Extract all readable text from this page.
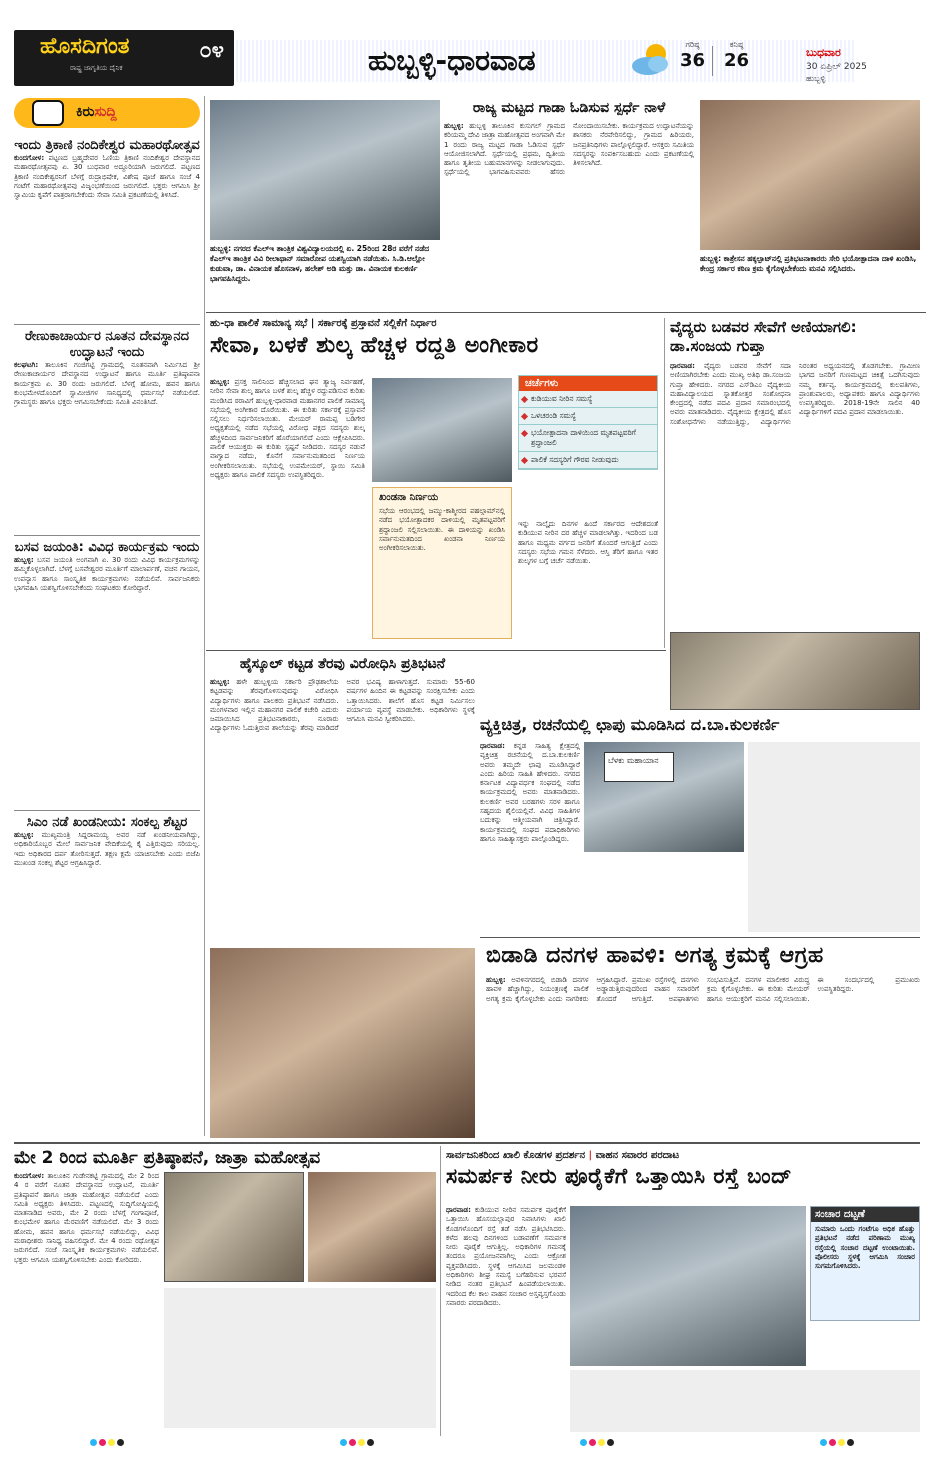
ಹೊಸದಿಗಂತ	೦೪
ರಾಷ್ಟ್ರ ಜಾಗೃತಿಯ ದೈನಿಕ	ಹುಬ್ಬಳ್ಳಿ-ಧಾರವಾಡ	ಗರಿಷ್ಠ
36
ಕನಿಷ್ಠ
26	ಬುಧವಾರ
30 ಏಪ್ರಿಲ್ 2025
ಹುಬ್ಬಳ್ಳಿ
ಕಿರುಸುದ್ದಿ
ಇಂದು ತ್ರಿಕಾಣಿ ನಂದಿಕೇಶ್ವರ ಮಹಾರಥೋತ್ಸವ

ಕುಂದಗೋಳ: ಪಟ್ಟಣದ ಬ್ರಹ್ಮದೇವರ ಓಣಿಯ ತ್ರಿಕಾಣಿ ನಂದಿಕೇಶ್ವರ ದೇವಸ್ಥಾನದ ಮಹಾರಥೋತ್ಸವವು ಏ. 30 ಬುಧವಾರ ಅದ್ದೂರಿಯಾಗಿ ಜರುಗಲಿದೆ. ಪಟ್ಟಣದ ತ್ರಿಕಾಣಿ ನಂದಿಕೇಶ್ವರನಿಗೆ ಬೆಳಗ್ಗೆ ರುದ್ರಾಭಿಷೇಕ, ವಿಶೇಷ ಪೂಜೆ ಹಾಗೂ ಸಂಜೆ 4 ಗಂಟೆಗೆ ಮಹಾರಥೋತ್ಸವವು ವಿಜೃಂಭಣೆಯಿಂದ ಜರುಗಲಿದೆ. ಭಕ್ತರು ಆಗಮಿಸಿ ಶ್ರೀ ಸ್ವಾಮಿಯ ಕೃಪೆಗೆ ಪಾತ್ರರಾಗಬೇಕೆಂದು ಸೇವಾ ಸಮಿತಿ ಪ್ರಕಟಣೆಯಲ್ಲಿ ತಿಳಿಸಿದೆ.

ರೇಣುಕಾಚಾರ್ಯರ ನೂತನ ದೇವಸ್ಥಾನದ ಉದ್ಘಾಟನೆ ಇಂದು

ಕಲಘಟಗಿ: ತಾಲೂಕಿನ ಗಂಜಿಗಟ್ಟಿ ಗ್ರಾಮದಲ್ಲಿ ನೂತನವಾಗಿ ನಿರ್ಮಿಸಿದ ಶ್ರೀ ರೇಣುಕಾಚಾರ್ಯರ ದೇವಸ್ಥಾನದ ಉದ್ಘಾಟನೆ ಹಾಗೂ ಮೂರ್ತಿ ಪ್ರತಿಷ್ಠಾಪನಾ ಕಾರ್ಯಕ್ರಮ ಏ. 30 ರಂದು ಜರುಗಲಿದೆ. ಬೆಳಗ್ಗೆ ಹೋಮ, ಹವನ ಹಾಗೂ ಕುಂಭಮೇಳದೊಂದಿಗೆ ಸ್ವಾಮೀಜಿಗಳ ಸಾನಿಧ್ಯದಲ್ಲಿ ಧರ್ಮಸಭೆ ನಡೆಯಲಿದೆ. ಗ್ರಾಮಸ್ಥರು ಹಾಗೂ ಭಕ್ತರು ಆಗಮಿಸಬೇಕೆಂದು ಸಮಿತಿ ವಿನಂತಿಸಿದೆ.

ಬಸವ ಜಯಂತಿ: ವಿವಿಧ ಕಾರ್ಯಕ್ರಮ ಇಂದು

ಹುಬ್ಬಳ್ಳಿ: ಬಸವ ಜಯಂತಿ ಅಂಗವಾಗಿ ಏ. 30 ರಂದು ವಿವಿಧ ಕಾರ್ಯಕ್ರಮಗಳನ್ನು ಹಮ್ಮಿಕೊಳ್ಳಲಾಗಿದೆ. ಬೆಳಗ್ಗೆ ಬಸವೇಶ್ವರರ ಮೂರ್ತಿಗೆ ಮಾಲಾರ್ಪಣೆ, ವಚನ ಗಾಯನ, ಉಪನ್ಯಾಸ ಹಾಗೂ ಸಾಂಸ್ಕೃತಿಕ ಕಾರ್ಯಕ್ರಮಗಳು ನಡೆಯಲಿವೆ. ಸಾರ್ವಜನಿಕರು ಭಾಗವಹಿಸಿ ಯಶಸ್ವಿಗೊಳಿಸಬೇಕೆಂದು ಸಂಘಟಕರು ಕೋರಿದ್ದಾರೆ.

ಸಿಎಂ ನಡೆ ಖಂಡನೀಯ: ಸಂಕಲ್ಪ ಶೆಟ್ಟರ

ಹುಬ್ಬಳ್ಳಿ: ಮುಖ್ಯಮಂತ್ರಿ ಸಿದ್ದರಾಮಯ್ಯ ಅವರ ನಡೆ ಖಂಡನೀಯವಾಗಿದ್ದು, ಅಧಿಕಾರಿಯೊಬ್ಬರ ಮೇಲೆ ಸಾರ್ವಜನಿಕ ವೇದಿಕೆಯಲ್ಲಿ ಕೈ ಎತ್ತಿರುವುದು ಸರಿಯಲ್ಲ. ಇದು ಅಧಿಕಾರದ ದರ್ಪ ತೋರಿಸುತ್ತದೆ. ತಕ್ಷಣ ಕ್ಷಮೆ ಯಾಚಿಸಬೇಕು ಎಂದು ಬಿಜೆಪಿ ಮುಖಂಡ ಸಂಕಲ್ಪ ಶೆಟ್ಟರ ಆಗ್ರಹಿಸಿದ್ದಾರೆ.

ಹುಬ್ಬಳ್ಳಿ: ನಗರದ ಕೆಎಲ್‌ಇ ತಾಂತ್ರಿಕ ವಿಶ್ವವಿದ್ಯಾಲಯದಲ್ಲಿ ಏ. 25ರಿಂದ 28ರ ವರೆಗೆ ನಡೆದ ಕೆಎಲ್‌ಇ ತಾಂತ್ರಿಕ ವಿವಿ ರೀಲಾಥಾನ್ ಸಮಾರೋಪ ಯಶಸ್ವಿಯಾಗಿ ನಡೆಯಿತು. ಸಿ.ಡಿ.ಆಲ್ಲೋ ಕುಡುವಾ, ಡಾ. ವಿನಾಯಕ ಹೊಸನಾಳ, ಹಲೇಶ್ ಅಡಿ ಮತ್ತು ಡಾ. ವಿನಾಯಕ ಕುಲಕರ್ಣಿ ಭಾಗವಹಿಸಿದ್ದರು.

ರಾಜ್ಯ ಮಟ್ಟದ ಗಾಡಾ ಓಡಿಸುವ ಸ್ಪರ್ಧೆ ನಾಳೆ

ಹುಬ್ಬಳ್ಳಿ: ಹುಬ್ಬಳ್ಳಿ ತಾಲೂಕಿನ ಕುಸುಗಲ್ ಗ್ರಾಮದ ಕರಿಯಮ್ಮ ದೇವಿ ಜಾತ್ರಾ ಮಹೋತ್ಸವದ ಅಂಗವಾಗಿ ಮೇ 1 ರಂದು ರಾಜ್ಯ ಮಟ್ಟದ ಗಾಡಾ ಓಡಿಸುವ ಸ್ಪರ್ಧೆ ಆಯೋಜಿಸಲಾಗಿದೆ. ಸ್ಪರ್ಧೆಯಲ್ಲಿ ಪ್ರಥಮ, ದ್ವಿತೀಯ ಹಾಗೂ ತೃತೀಯ ಬಹುಮಾನಗಳನ್ನು ನೀಡಲಾಗುವುದು. ಸ್ಪರ್ಧೆಯಲ್ಲಿ ಭಾಗವಹಿಸುವವರು ಹೆಸರು ನೋಂದಾಯಿಸಬೇಕು. ಕಾರ್ಯಕ್ರಮದ ಉದ್ಘಾಟನೆಯನ್ನು ಶಾಸಕರು ನೆರವೇರಿಸಲಿದ್ದು, ಗ್ರಾಮದ ಹಿರಿಯರು, ಜನಪ್ರತಿನಿಧಿಗಳು ಪಾಲ್ಗೊಳ್ಳಲಿದ್ದಾರೆ. ಆಸಕ್ತರು ಸಮಿತಿಯ ಸದಸ್ಯರನ್ನು ಸಂಪರ್ಕಿಸಬಹುದು ಎಂದು ಪ್ರಕಟಣೆಯಲ್ಲಿ ತಿಳಿಸಲಾಗಿದೆ.

ಹುಬ್ಬಳ್ಳಿ: ಕಾತ್ರೇಸನ ಹಕ್ಕಲ್ಪಾಟ್‌ನಲ್ಲಿ ಪ್ರತಿಭಟನಾಕಾರರು ಸೇರಿ ಭಯೋತ್ಪಾದನಾ ದಾಳಿ ಖಂಡಿಸಿ, ಕೇಂದ್ರ ಸರ್ಕಾರ ಕಠಿಣ ಕ್ರಮ ಕೈಗೊಳ್ಳಬೇಕೆಂದು ಮನವಿ ಸಲ್ಲಿಸಿದರು.

ಹು-ಧಾ ಪಾಲಿಕೆ ಸಾಮಾನ್ಯ ಸಭೆ | ಸರ್ಕಾರಕ್ಕೆ ಪ್ರಸ್ತಾವನೆ ಸಲ್ಲಿಕೆಗೆ ನಿರ್ಧಾರ
ಸೇವಾ, ಬಳಕೆ ಶುಲ್ಕ ಹೆಚ್ಚಳ ರದ್ದತಿ ಅಂಗೀಕಾರ

ಹುಬ್ಬಳ್ಳಿ: ಪ್ರಸಕ್ತ ಸಾಲಿನಿಂದ ಹೆಚ್ಚಿಸಲಾದ ಘನ ತ್ಯಾಜ್ಯ ನಿರ್ವಹಣೆ, ನೀರಿನ ಸೇವಾ ಶುಲ್ಕ ಹಾಗೂ ಬಳಕೆ ಶುಲ್ಕ ಹೆಚ್ಚಳ ರದ್ದುಪಡಿಸುವ ಕುರಿತು ಮಂಡಿಸಿದ ಠರಾವಿಗೆ ಹುಬ್ಬಳ್ಳಿ-ಧಾರವಾಡ ಮಹಾನಗರ ಪಾಲಿಕೆ ಸಾಮಾನ್ಯ ಸಭೆಯಲ್ಲಿ ಅಂಗೀಕಾರ ದೊರೆಯಿತು. ಈ ಕುರಿತು ಸರ್ಕಾರಕ್ಕೆ ಪ್ರಸ್ತಾವನೆ ಸಲ್ಲಿಸಲು ನಿರ್ಧರಿಸಲಾಯಿತು. ಮೇಯರ್ ರಾಮಪ್ಪ ಬಡಿಗೇರ ಅಧ್ಯಕ್ಷತೆಯಲ್ಲಿ ನಡೆದ ಸಭೆಯಲ್ಲಿ ವಿರೋಧ ಪಕ್ಷದ ಸದಸ್ಯರು ಶುಲ್ಕ ಹೆಚ್ಚಳದಿಂದ ಸಾರ್ವಜನಿಕರಿಗೆ ಹೊರೆಯಾಗಲಿದೆ ಎಂದು ಆಕ್ಷೇಪಿಸಿದರು. ಪಾಲಿಕೆ ಆಯುಕ್ತರು ಈ ಕುರಿತು ಸ್ಪಷ್ಟನೆ ನೀಡಿದರು. ಸದಸ್ಯರ ನಡುವೆ ವಾಗ್ವಾದ ನಡೆದು, ಕೊನೆಗೆ ಸರ್ವಾನುಮತದಿಂದ ನಿರ್ಣಯ ಅಂಗೀಕರಿಸಲಾಯಿತು. ಸಭೆಯಲ್ಲಿ ಉಪಮೇಯರ್, ಸ್ಥಾಯಿ ಸಮಿತಿ ಅಧ್ಯಕ್ಷರು ಹಾಗೂ ಪಾಲಿಕೆ ಸದಸ್ಯರು ಉಪಸ್ಥಿತರಿದ್ದರು.

ಖಂಡನಾ ನಿರ್ಣಯ

ಸಭೆಯ ಆರಂಭದಲ್ಲಿ ಜಮ್ಮು-ಕಾಶ್ಮೀರದ ಪಹಲ್ಗಾಮ್‌ನಲ್ಲಿ ನಡೆದ ಭಯೋತ್ಪಾದಕರ ದಾಳಿಯಲ್ಲಿ ಮೃತಪಟ್ಟವರಿಗೆ ಶ್ರದ್ಧಾಂಜಲಿ ಸಲ್ಲಿಸಲಾಯಿತು. ಈ ದಾಳಿಯನ್ನು ಖಂಡಿಸಿ ಸರ್ವಾನುಮತದಿಂದ ಖಂಡನಾ ನಿರ್ಣಯ ಅಂಗೀಕರಿಸಲಾಯಿತು.

ಚರ್ಚೆಗಳು
ಕುಡಿಯುವ ನೀರಿನ ಸಮಸ್ಯೆ
ಒಳಚರಂಡಿ ಸಮಸ್ಯೆ
ಭಯೋತ್ಪಾದನಾ ದಾಳಿಯಿಂದ ಮೃತಪಟ್ಟವರಿಗೆ ಶ್ರದ್ಧಾಂಜಲಿ
ಪಾಲಿಕೆ ಸದಸ್ಯರಿಗೆ ಗೌರವ ನೀಡುವುದು

ಇನ್ನು ನಾಲ್ಕೈದು ದಿನಗಳ ಹಿಂದೆ ಸರ್ಕಾರದ ಆದೇಶದಂತೆ ಕುಡಿಯುವ ನೀರಿನ ದರ ಹೆಚ್ಚಳ ಮಾಡಲಾಗಿತ್ತು. ಇದರಿಂದ ಬಡ ಹಾಗೂ ಮಧ್ಯಮ ವರ್ಗದ ಜನರಿಗೆ ತೊಂದರೆ ಆಗುತ್ತಿದೆ ಎಂದು ಸದಸ್ಯರು ಸಭೆಯ ಗಮನ ಸೆಳೆದರು. ಆಸ್ತಿ ತೆರಿಗೆ ಹಾಗೂ ಇತರ ಶುಲ್ಕಗಳ ಬಗ್ಗೆ ಚರ್ಚೆ ನಡೆಯಿತು.

ವೈದ್ಯರು ಬಡವರ ಸೇವೆಗೆ ಅಣಿಯಾಗಲಿ: ಡಾ.ಸಂಜಯ ಗುಪ್ತಾ

ಧಾರವಾಡ: ವೈದ್ಯರು ಬಡವರ ಸೇವೆಗೆ ಸದಾ ಅಣಿಯಾಗಿರಬೇಕು ಎಂದು ಮುಖ್ಯ ಅತಿಥಿ ಡಾ.ಸಂಜಯ ಗುಪ್ತಾ ಹೇಳಿದರು. ನಗರದ ಎಸ್‌ಡಿಎಂ ವೈದ್ಯಕೀಯ ಮಹಾವಿದ್ಯಾಲಯದ ಸ್ನಾತಕೋತ್ತರ ಸಂಶೋಧನಾ ಕೇಂದ್ರದಲ್ಲಿ ನಡೆದ ಪದವಿ ಪ್ರದಾನ ಸಮಾರಂಭದಲ್ಲಿ ಅವರು ಮಾತನಾಡಿದರು. ವೈದ್ಯಕೀಯ ಕ್ಷೇತ್ರದಲ್ಲಿ ಹೊಸ ಸಂಶೋಧನೆಗಳು ನಡೆಯುತ್ತಿದ್ದು, ವಿದ್ಯಾರ್ಥಿಗಳು ನಿರಂತರ ಅಧ್ಯಯನದಲ್ಲಿ ತೊಡಗಬೇಕು. ಗ್ರಾಮೀಣ ಭಾಗದ ಜನರಿಗೆ ಗುಣಮಟ್ಟದ ಚಿಕಿತ್ಸೆ ಒದಗಿಸುವುದು ನಮ್ಮ ಕರ್ತವ್ಯ. ಕಾರ್ಯಕ್ರಮದಲ್ಲಿ ಕುಲಪತಿಗಳು, ಪ್ರಾಂಶುಪಾಲರು, ಅಧ್ಯಾಪಕರು ಹಾಗೂ ವಿದ್ಯಾರ್ಥಿಗಳು ಉಪಸ್ಥಿತರಿದ್ದರು. 2018-19ನೇ ಸಾಲಿನ 40 ವಿದ್ಯಾರ್ಥಿಗಳಿಗೆ ಪದವಿ ಪ್ರದಾನ ಮಾಡಲಾಯಿತು.

ಹೈಸ್ಕೂಲ್ ಕಟ್ಟಡ ತೆರವು ವಿರೋಧಿಸಿ ಪ್ರತಿಭಟನೆ

ಹುಬ್ಬಳ್ಳಿ: ಹಳೇ ಹುಬ್ಬಳ್ಳಿಯ ಸರ್ಕಾರಿ ಪ್ರೌಢಶಾಲೆಯ ಕಟ್ಟಡವನ್ನು ತೆರವುಗೊಳಿಸುವುದನ್ನು ವಿರೋಧಿಸಿ ವಿದ್ಯಾರ್ಥಿಗಳು ಹಾಗೂ ಪಾಲಕರು ಪ್ರತಿಭಟನೆ ನಡೆಸಿದರು. ಮಂಗಳವಾರ ಇಲ್ಲಿನ ಮಹಾನಗರ ಪಾಲಿಕೆ ಕಚೇರಿ ಎದುರು ಜಮಾಯಿಸಿದ ಪ್ರತಿಭಟನಾಕಾರರು, ನೂರಾರು ವಿದ್ಯಾರ್ಥಿಗಳು ಓದುತ್ತಿರುವ ಶಾಲೆಯನ್ನು ತೆರವು ಮಾಡಿದರೆ ಅವರ ಭವಿಷ್ಯ ಹಾಳಾಗುತ್ತದೆ. ಸುಮಾರು 55-60 ವರ್ಷಗಳ ಹಿಂದಿನ ಈ ಕಟ್ಟಡವನ್ನು ಸಂರಕ್ಷಿಸಬೇಕು ಎಂದು ಒತ್ತಾಯಿಸಿದರು. ಶಾಲೆಗೆ ಹೊಸ ಕಟ್ಟಡ ನಿರ್ಮಿಸಲು ಪರ್ಯಾಯ ವ್ಯವಸ್ಥೆ ಮಾಡಬೇಕು. ಅಧಿಕಾರಿಗಳು ಸ್ಥಳಕ್ಕೆ ಆಗಮಿಸಿ ಮನವಿ ಸ್ವೀಕರಿಸಿದರು.	ವ್ಯಕ್ತಿಚಿತ್ರ, ರಚನೆಯಲ್ಲಿ ಛಾಪು ಮೂಡಿಸಿದ ದ.ಬಾ.ಕುಲಕರ್ಣಿ

ಧಾರವಾಡ: ಕನ್ನಡ ಸಾಹಿತ್ಯ ಕ್ಷೇತ್ರದಲ್ಲಿ ವ್ಯಕ್ತಿಚಿತ್ರ ರಚನೆಯಲ್ಲಿ ದ.ಬಾ.ಕುಲಕರ್ಣಿ ಅವರು ತಮ್ಮದೇ ಛಾಪು ಮೂಡಿಸಿದ್ದಾರೆ ಎಂದು ಹಿರಿಯ ಸಾಹಿತಿ ಹೇಳಿದರು. ನಗರದ ಕರ್ನಾಟಕ ವಿದ್ಯಾವರ್ಧಕ ಸಂಘದಲ್ಲಿ ನಡೆದ ಕಾರ್ಯಕ್ರಮದಲ್ಲಿ ಅವರು ಮಾತನಾಡಿದರು. ಕುಲಕರ್ಣಿ ಅವರ ಬರಹಗಳು ಸರಳ ಹಾಗೂ ಸಹೃದಯ ಶೈಲಿಯಲ್ಲಿವೆ. ವಿವಿಧ ಸಾಹಿತಿಗಳ ಬದುಕನ್ನು ಆತ್ಮೀಯವಾಗಿ ಚಿತ್ರಿಸಿದ್ದಾರೆ. ಕಾರ್ಯಕ್ರಮದಲ್ಲಿ ಸಂಘದ ಪದಾಧಿಕಾರಿಗಳು ಹಾಗೂ ಸಾಹಿತ್ಯಾಸಕ್ತರು ಪಾಲ್ಗೊಂಡಿದ್ದರು.

ಬೆಳಕು ಮಹಾಯಾನ
ಬಿಡಾಡಿ ದನಗಳ ಹಾವಳಿ: ಅಗತ್ಯ ಕ್ರಮಕ್ಕೆ ಆಗ್ರಹ

ಹುಬ್ಬಳ್ಳಿ: ಅವಳಿನಗರದಲ್ಲಿ ಬಿಡಾಡಿ ದನಗಳ ಹಾವಳಿ ಹೆಚ್ಚಾಗಿದ್ದು, ನಿಯಂತ್ರಣಕ್ಕೆ ಪಾಲಿಕೆ ಅಗತ್ಯ ಕ್ರಮ ಕೈಗೊಳ್ಳಬೇಕು ಎಂದು ನಾಗರಿಕರು ಆಗ್ರಹಿಸಿದ್ದಾರೆ. ಪ್ರಮುಖ ರಸ್ತೆಗಳಲ್ಲಿ ದನಗಳು ಅಡ್ಡಾಡುತ್ತಿರುವುದರಿಂದ ವಾಹನ ಸವಾರರಿಗೆ ತೊಂದರೆ ಆಗುತ್ತಿದೆ. ಅಪಘಾತಗಳು ಸಂಭವಿಸುತ್ತಿವೆ. ದನಗಳ ಮಾಲೀಕರ ವಿರುದ್ಧ ಕ್ರಮ ಕೈಗೊಳ್ಳಬೇಕು. ಈ ಕುರಿತು ಮೇಯರ್ ಹಾಗೂ ಆಯುಕ್ತರಿಗೆ ಮನವಿ ಸಲ್ಲಿಸಲಾಯಿತು. ಈ ಸಂದರ್ಭದಲ್ಲಿ ಪ್ರಮುಖರು ಉಪಸ್ಥಿತರಿದ್ದರು.

ಮೇ 2 ರಿಂದ ಮೂರ್ತಿ ಪ್ರತಿಷ್ಠಾಪನೆ, ಜಾತ್ರಾ ಮಹೋತ್ಸವ

ಕುಂದಗೋಳ: ತಾಲೂಕಿನ ಗುಡೇನಕಟ್ಟಿ ಗ್ರಾಮದಲ್ಲಿ ಮೇ 2 ರಿಂದ 4 ರ ವರೆಗೆ ನೂತನ ದೇವಸ್ಥಾನದ ಉದ್ಘಾಟನೆ, ಮೂರ್ತಿ ಪ್ರತಿಷ್ಠಾಪನೆ ಹಾಗೂ ಜಾತ್ರಾ ಮಹೋತ್ಸವ ನಡೆಯಲಿದೆ ಎಂದು ಸಮಿತಿ ಅಧ್ಯಕ್ಷರು ತಿಳಿಸಿದರು. ಪಟ್ಟಣದಲ್ಲಿ ಸುದ್ದಿಗೋಷ್ಠಿಯಲ್ಲಿ ಮಾತನಾಡಿದ ಅವರು, ಮೇ 2 ರಂದು ಬೆಳಗ್ಗೆ ಗಂಗಾಪೂಜೆ, ಕುಂಭಮೇಳ ಹಾಗೂ ಮೆರವಣಿಗೆ ನಡೆಯಲಿದೆ. ಮೇ 3 ರಂದು ಹೋಮ, ಹವನ ಹಾಗೂ ಧರ್ಮಸಭೆ ನಡೆಯಲಿದ್ದು, ವಿವಿಧ ಮಠಾಧೀಶರು ಸಾನಿಧ್ಯ ವಹಿಸಲಿದ್ದಾರೆ. ಮೇ 4 ರಂದು ರಥೋತ್ಸವ ಜರುಗಲಿದೆ. ಸಂಜೆ ಸಾಂಸ್ಕೃತಿಕ ಕಾರ್ಯಕ್ರಮಗಳು ನಡೆಯಲಿವೆ. ಭಕ್ತರು ಆಗಮಿಸಿ ಯಶಸ್ವಿಗೊಳಿಸಬೇಕು ಎಂದು ಕೋರಿದರು.

ಸಾರ್ವಜನಿಕರಿಂದ ಖಾಲಿ ಕೊಡಗಳ ಪ್ರದರ್ಶನ | ವಾಹನ ಸವಾರರ ಪರದಾಟ
ಸಮರ್ಪಕ ನೀರು ಪೂರೈಕೆಗೆ ಒತ್ತಾಯಿಸಿ ರಸ್ತೆ ಬಂದ್

ಧಾರವಾಡ: ಕುಡಿಯುವ ನೀರಿನ ಸಮರ್ಪಕ ಪೂರೈಕೆಗೆ ಒತ್ತಾಯಿಸಿ ಹೊಸಯಲ್ಲಾಪುರ ನಿವಾಸಿಗಳು ಖಾಲಿ ಕೊಡಗಳೊಂದಿಗೆ ರಸ್ತೆ ತಡೆ ನಡೆಸಿ ಪ್ರತಿಭಟಿಸಿದರು. ಕಳೆದ ಹಲವು ದಿನಗಳಿಂದ ಬಡಾವಣೆಗೆ ಸಮರ್ಪಕ ನೀರು ಪೂರೈಕೆ ಆಗುತ್ತಿಲ್ಲ. ಅಧಿಕಾರಿಗಳ ಗಮನಕ್ಕೆ ತಂದರೂ ಪ್ರಯೋಜನವಾಗಿಲ್ಲ ಎಂದು ಆಕ್ರೋಶ ವ್ಯಕ್ತಪಡಿಸಿದರು. ಸ್ಥಳಕ್ಕೆ ಆಗಮಿಸಿದ ಜಲಮಂಡಳಿ ಅಧಿಕಾರಿಗಳು ಶೀಘ್ರ ಸಮಸ್ಯೆ ಬಗೆಹರಿಸುವ ಭರವಸೆ ನೀಡಿದ ನಂತರ ಪ್ರತಿಭಟನೆ ಹಿಂಪಡೆಯಲಾಯಿತು. ಇದರಿಂದ ಕೆಲ ಕಾಲ ವಾಹನ ಸಂಚಾರ ಅಸ್ತವ್ಯಸ್ತಗೊಂಡು ಸವಾರರು ಪರದಾಡಿದರು.

ಸಂಚಾರ ದಟ್ಟಣೆ

ಸುಮಾರು ಒಂದು ಗಂಟೆಗೂ ಅಧಿಕ ಹೊತ್ತು ಪ್ರತಿಭಟನೆ ನಡೆದ ಪರಿಣಾಮ ಮುಖ್ಯ ರಸ್ತೆಯಲ್ಲಿ ಸಂಚಾರ ದಟ್ಟಣೆ ಉಂಟಾಯಿತು. ಪೊಲೀಸರು ಸ್ಥಳಕ್ಕೆ ಆಗಮಿಸಿ ಸಂಚಾರ ಸುಗಮಗೊಳಿಸಿದರು.
